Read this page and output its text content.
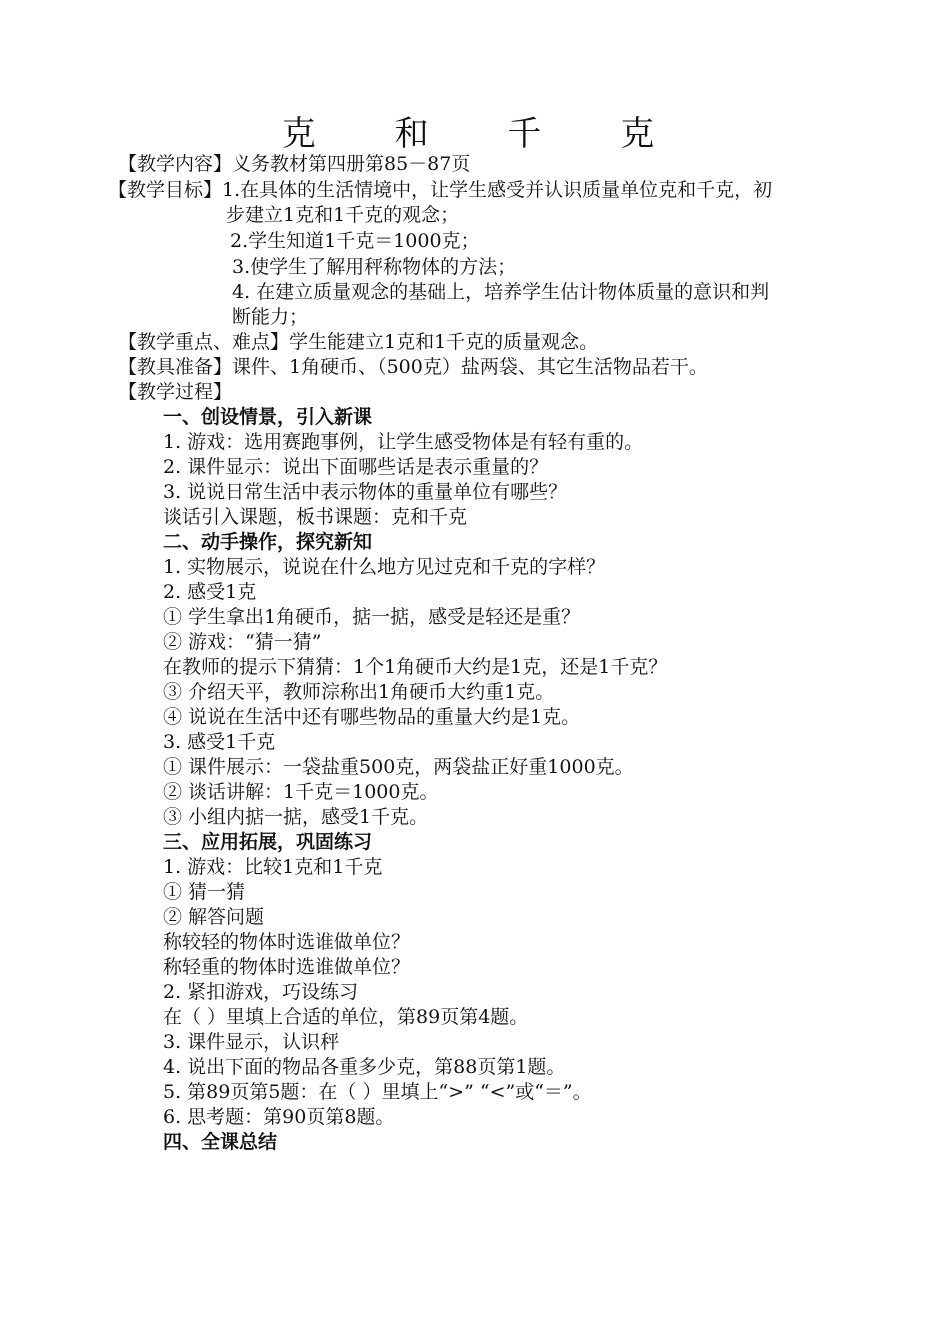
克 和 千 克
【教学内容】义务教材第四册第85－87页
【教学目标】1.在具体的生活情境中，让学生感受并认识质量单位克和千克，初
步建立1克和1千克的观念；
2.学生知道1千克＝1000克；
3.使学生了解用秤称物体的方法；
4. 在建立质量观念的基础上，培养学生估计物体质量的意识和判
断能力；
【教学重点、难点】学生能建立1克和1千克的质量观念。
【教具准备】课件、1角硬币、（500克）盐两袋、其它生活物品若干。
【教学过程】
一、创设情景，引入新课
1. 游戏：选用赛跑事例，让学生感受物体是有轻有重的。
2. 课件显示：说出下面哪些话是表示重量的？
3. 说说日常生活中表示物体的重量单位有哪些？
谈话引入课题，板书课题：克和千克
二、动手操作，探究新知
1. 实物展示，说说在什么地方见过克和千克的字样？
2. 感受1克
① 学生拿出1角硬币，掂一掂，感受是轻还是重？
② 游戏：“猜一猜”
在教师的提示下猜猜：1个1角硬币大约是1克，还是1千克？
③ 介绍天平，教师淙称出1角硬币大约重1克。
④ 说说在生活中还有哪些物品的重量大约是1克。
3. 感受1千克
① 课件展示：一袋盐重500克，两袋盐正好重1000克。
② 谈话讲解：1千克＝1000克。
③ 小组内掂一掂，感受1千克。
三、应用拓展，巩固练习
1. 游戏：比较1克和1千克
① 猜一猜
② 解答问题
称较轻的物体时选谁做单位？
称轻重的物体时选谁做单位？
2. 紧扣游戏，巧设练习
在（ ）里填上合适的单位，第89页第4题。
3. 课件显示，认识秤
4. 说出下面的物品各重多少克，第88页第1题。
5. 第89页第5题：在（ ）里填上“>” “<”或“＝”。
6. 思考题：第90页第8题。
四、全课总结
